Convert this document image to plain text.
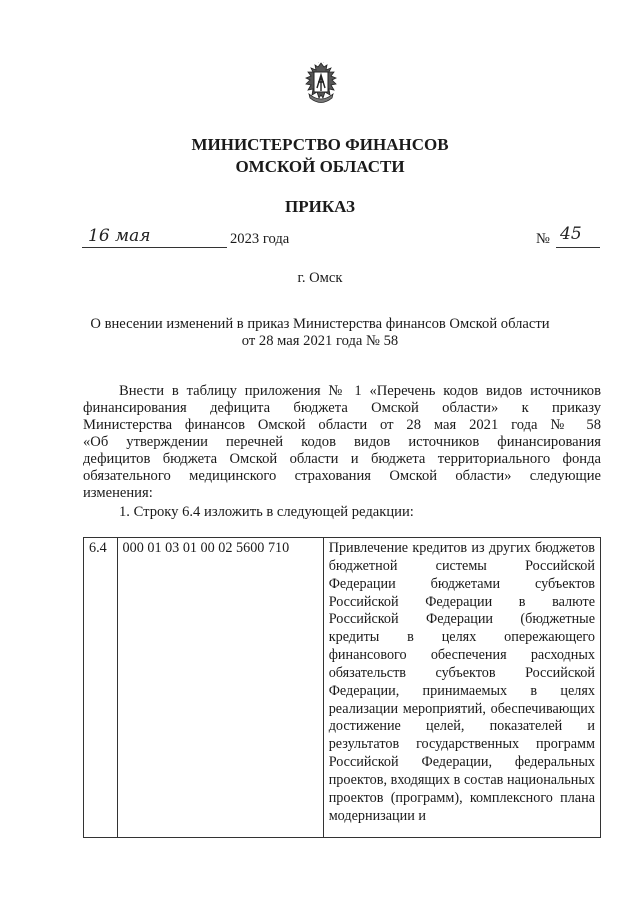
МИНИСТЕРСТВО ФИНАНСОВ
ОМСКОЙ ОБЛАСТИ
ПРИКАЗ
16 мая	2023 года	№ 45
г. Омск
О внесении изменений в приказ Министерства финансов Омской области
от 28 мая 2021 года № 58
Внести в таблицу приложения № 1 «Перечень кодов видов источников
финансирования дефицита бюджета Омской области» к приказу
Министерства финансов Омской области от 28 мая 2021 года № 58
«Об утверждении перечней кодов видов источников финансирования
дефицитов бюджета Омской области и бюджета территориального фонда
обязательного медицинского страхования Омской области» следующие
изменения:
1. Строку 6.4 изложить в следующей редакции:
6.4	000 01 03 01 00 02 5600 710	Привлечение кредитов из других бюджетов бюджетной системы Российской Федерации бюджетами субъектов Российской Федерации в валюте Российской Федерации (бюджетные кредиты в целях опережающего финансового обеспечения расходных обязательств субъектов Российской Федерации, принимаемых в целях реализации мероприятий, обеспечивающих достижение целей, показателей и результатов государственных программ Российской Федерации, федеральных проектов, входящих в состав национальных проектов (программ), комплексного плана модернизации и
